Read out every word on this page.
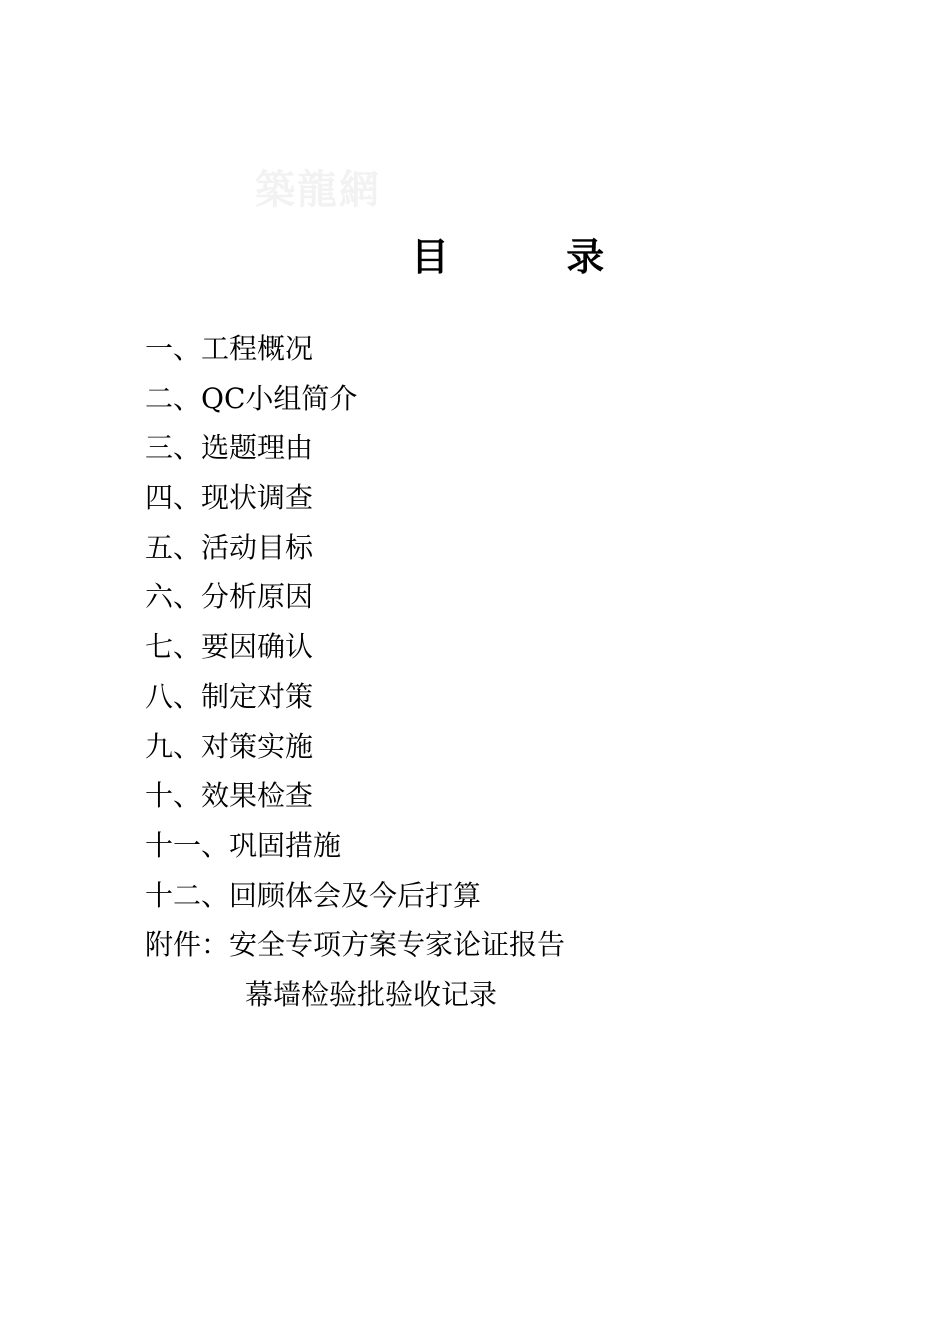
築龍網
目 录
一、工程概况
二、QC小组简介
三、选题理由
四、现状调查
五、活动目标
六、分析原因
七、要因确认
八、制定对策
九、对策实施
十、效果检查
十一、巩固措施
十二、回顾体会及今后打算
附件：安全专项方案专家论证报告
幕墙检验批验收记录
